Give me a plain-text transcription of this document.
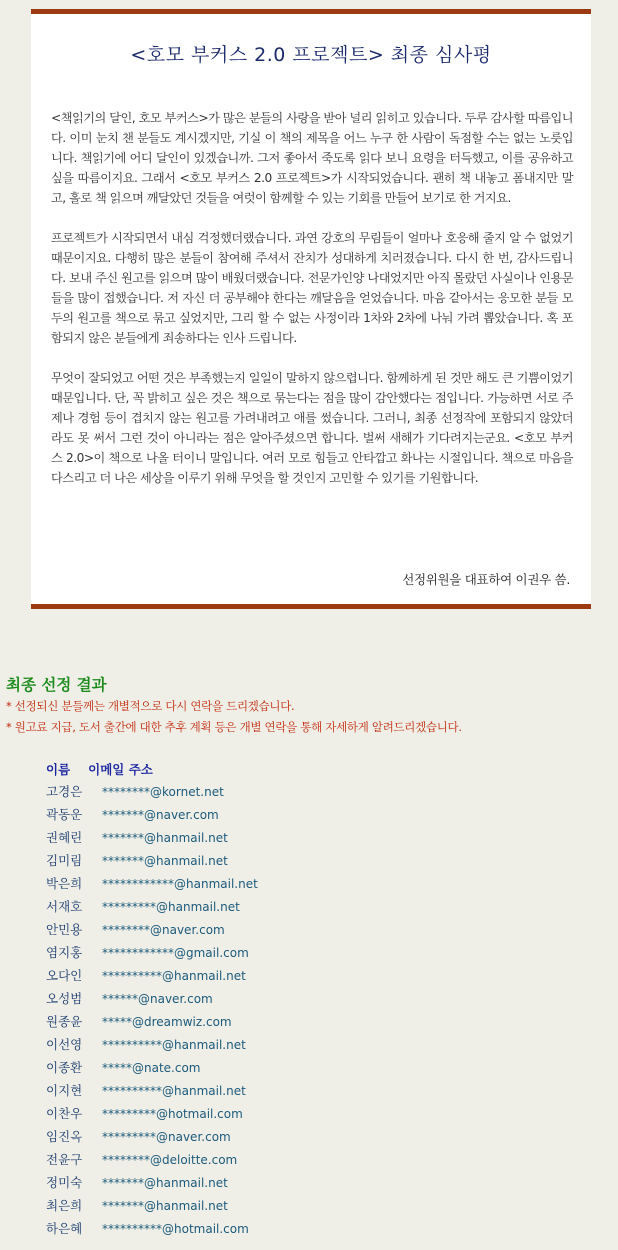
<호모 부커스 2.0 프로젝트> 최종 심사평

<책읽기의 달인, 호모 부커스>가 많은 분들의 사랑을 받아 널리 읽히고 있습니다. 두루 감사할 따름입니다. 이미 눈치 챈 분들도 계시겠지만, 기실 이 책의 제목을 어느 누구 한 사람이 독점할 수는 없는 노릇입니다. 책읽기에 어디 달인이 있겠습니까. 그저 좋아서 죽도록 읽다 보니 요령을 터득했고, 이를 공유하고 싶을 따름이지요. 그래서 <호모 부커스 2.0 프로젝트>가 시작되었습니다. 괜히 책 내놓고 폼내지만 말고, 홀로 책 읽으며 깨달았던 것들을 여럿이 함께할 수 있는 기회를 만들어 보기로 한 거지요.

프로젝트가 시작되면서 내심 걱정했더랬습니다. 과연 강호의 무림들이 얼마나 호응해 줄지 알 수 없었기 때문이지요. 다행히 많은 분들이 참여해 주셔서 잔치가 성대하게 치러졌습니다. 다시 한 번, 감사드립니다. 보내 주신 원고를 읽으며 많이 배웠더랬습니다. 전문가인양 나대었지만 아직 몰랐던 사실이나 인용문들을 많이 접했습니다. 저 자신 더 공부해야 한다는 깨달음을 얻었습니다. 마음 같아서는 응모한 분들 모두의 원고를 책으로 묶고 싶었지만, 그리 할 수 없는 사정이라 1차와 2차에 나눠 가려 뽑았습니다. 혹 포함되지 않은 분들에게 죄송하다는 인사 드립니다.

무엇이 잘되었고 어떤 것은 부족했는지 일일이 말하지 않으렵니다. 함께하게 된 것만 해도 큰 기쁨이었기 때문입니다. 단, 꼭 밝히고 싶은 것은 책으로 묶는다는 점을 많이 감안했다는 점입니다. 가능하면 서로 주제나 경험 등이 겹치지 않는 원고를 가려내려고 애를 썼습니다. 그러니, 최종 선정작에 포함되지 않았더라도 못 써서 그런 것이 아니라는 점은 알아주셨으면 합니다. 벌써 새해가 기다려지는군요. <호모 부커스 2.0>이 책으로 나올 터이니 말입니다. 여러 모로 힘들고 안타깝고 화나는 시절입니다. 책으로 마음을 다스리고 더 나은 세상을 이루기 위해 무엇을 할 것인지 고민할 수 있기를 기원합니다.

선정위원을 대표하여 이권우 씀.
최종 선정 결과
* 선정되신 분들께는 개별적으로 다시 연락을 드리겠습니다.
* 원고료 지급, 도서 출간에 대한 추후 계획 등은 개별 연락을 통해 자세하게 알려드리겠습니다.
이름 이메일 주소
고경은 ********@kornet.net
곽동운 *******@naver.com
권혜린 *******@hanmail.net
김미림 *******@hanmail.net
박은희 ************@hanmail.net
서재호 *********@hanmail.net
안민용 ********@naver.com
염지홍 ************@gmail.com
오다인 **********@hanmail.net
오성범 ******@naver.com
원종윤 *****@dreamwiz.com
이선영 **********@hanmail.net
이종환 *****@nate.com
이지현 **********@hanmail.net
이찬우 *********@hotmail.com
임진옥 *********@naver.com
전윤구 ********@deloitte.com
정미숙 *******@hanmail.net
최은희 *******@hanmail.net
하은혜 **********@hotmail.com
